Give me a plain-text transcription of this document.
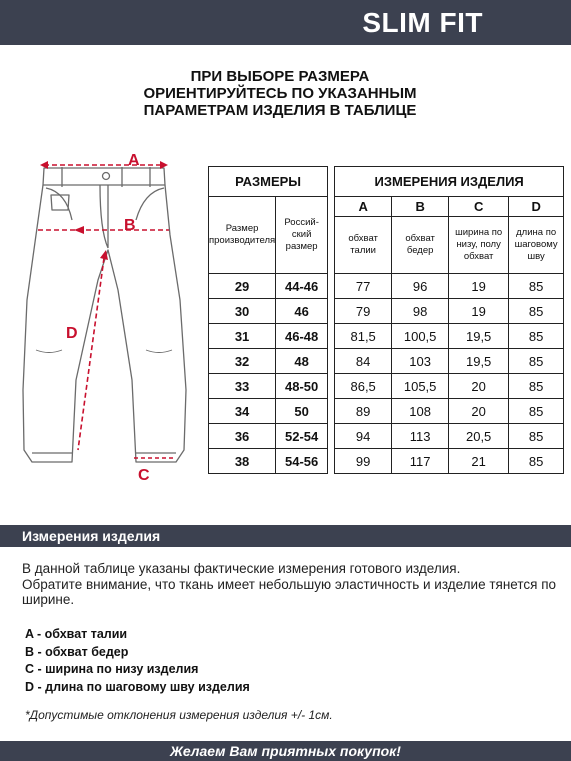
SLIM FIT
ПРИ ВЫБОРЕ РАЗМЕРА
ОРИЕНТИРУЙТЕСЬ ПО УКАЗАННЫМ
ПАРАМЕТРАМ ИЗДЕЛИЯ В ТАБЛИЦЕ
A
B
D
C
РАЗМЕРЫ			ИЗМЕРЕНИЯ ИЗДЕЛИЯ			
Размер производителя	Россий-ский размер		A	B	C	D
			обхват талии	обхват бедер	ширина по низу, полу обхват	длина по шаговому шву
29	44-46		77	96	19	85
30	46		79	98	19	85
31	46-48		81,5	100,5	19,5	85
32	48		84	103	19,5	85
33	48-50		86,5	105,5	20	85
34	50		89	108	20	85
36	52-54		94	113	20,5	85
38	54-56		99	117	21	85
Измерения изделия
В данной таблице указаны фактические измерения готового изделия.
Обратите внимание, что ткань имеет небольшую эластичность и изделие тянется по ширине.
A - обхват талии
B - обхват бедер
C - ширина по низу изделия
D - длина по шаговому шву изделия
*Допустимые отклонения измерения изделия +/- 1см.
Желаем Вам приятных покупок!
